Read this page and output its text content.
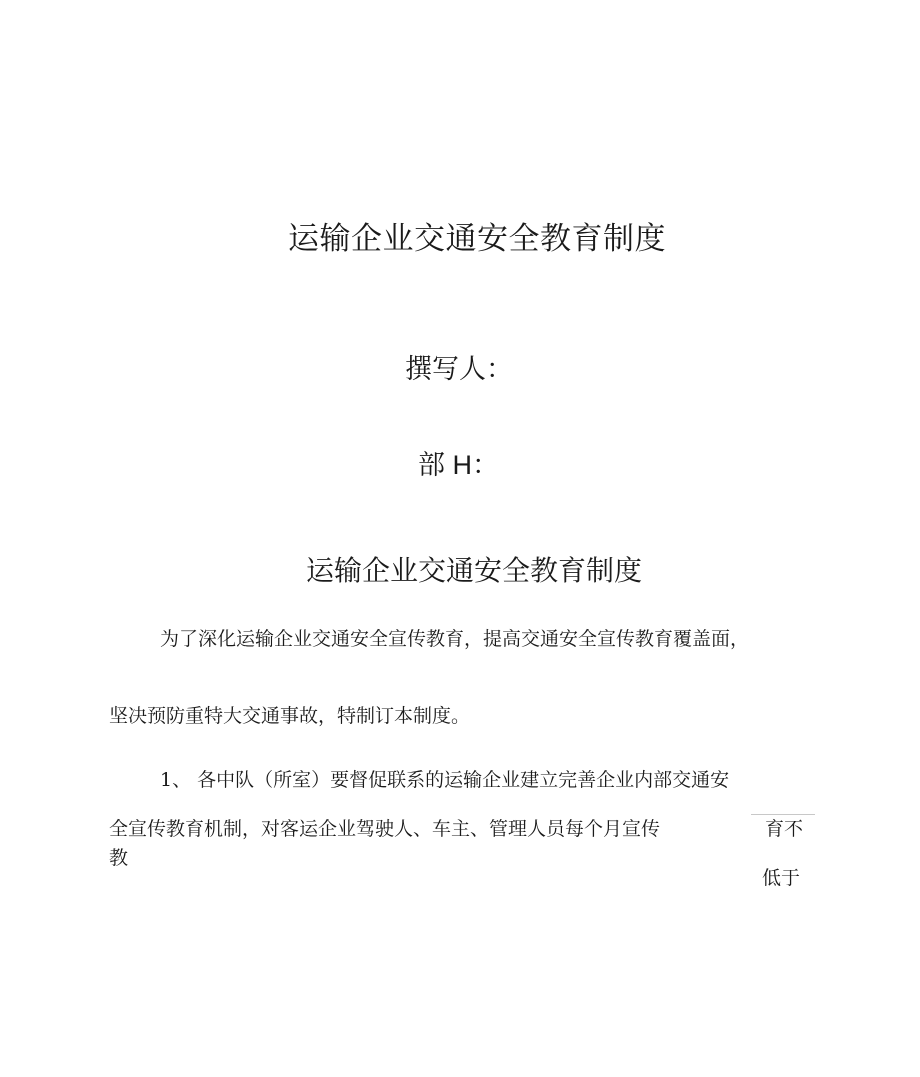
运输企业交通安全教育制度
撰写人：
部 H：
运输企业交通安全教育制度
为了深化运输企业交通安全宣传教育，提高交通安全宣传教育覆盖面，
坚决预防重特大交通事故，特制订本制度。
1、 各中队（所室）要督促联系的运输企业建立完善企业内部交通安
全宣传教育机制，对客运企业驾驶人、车主、管理人员每个月宣传
教
育不
低于
